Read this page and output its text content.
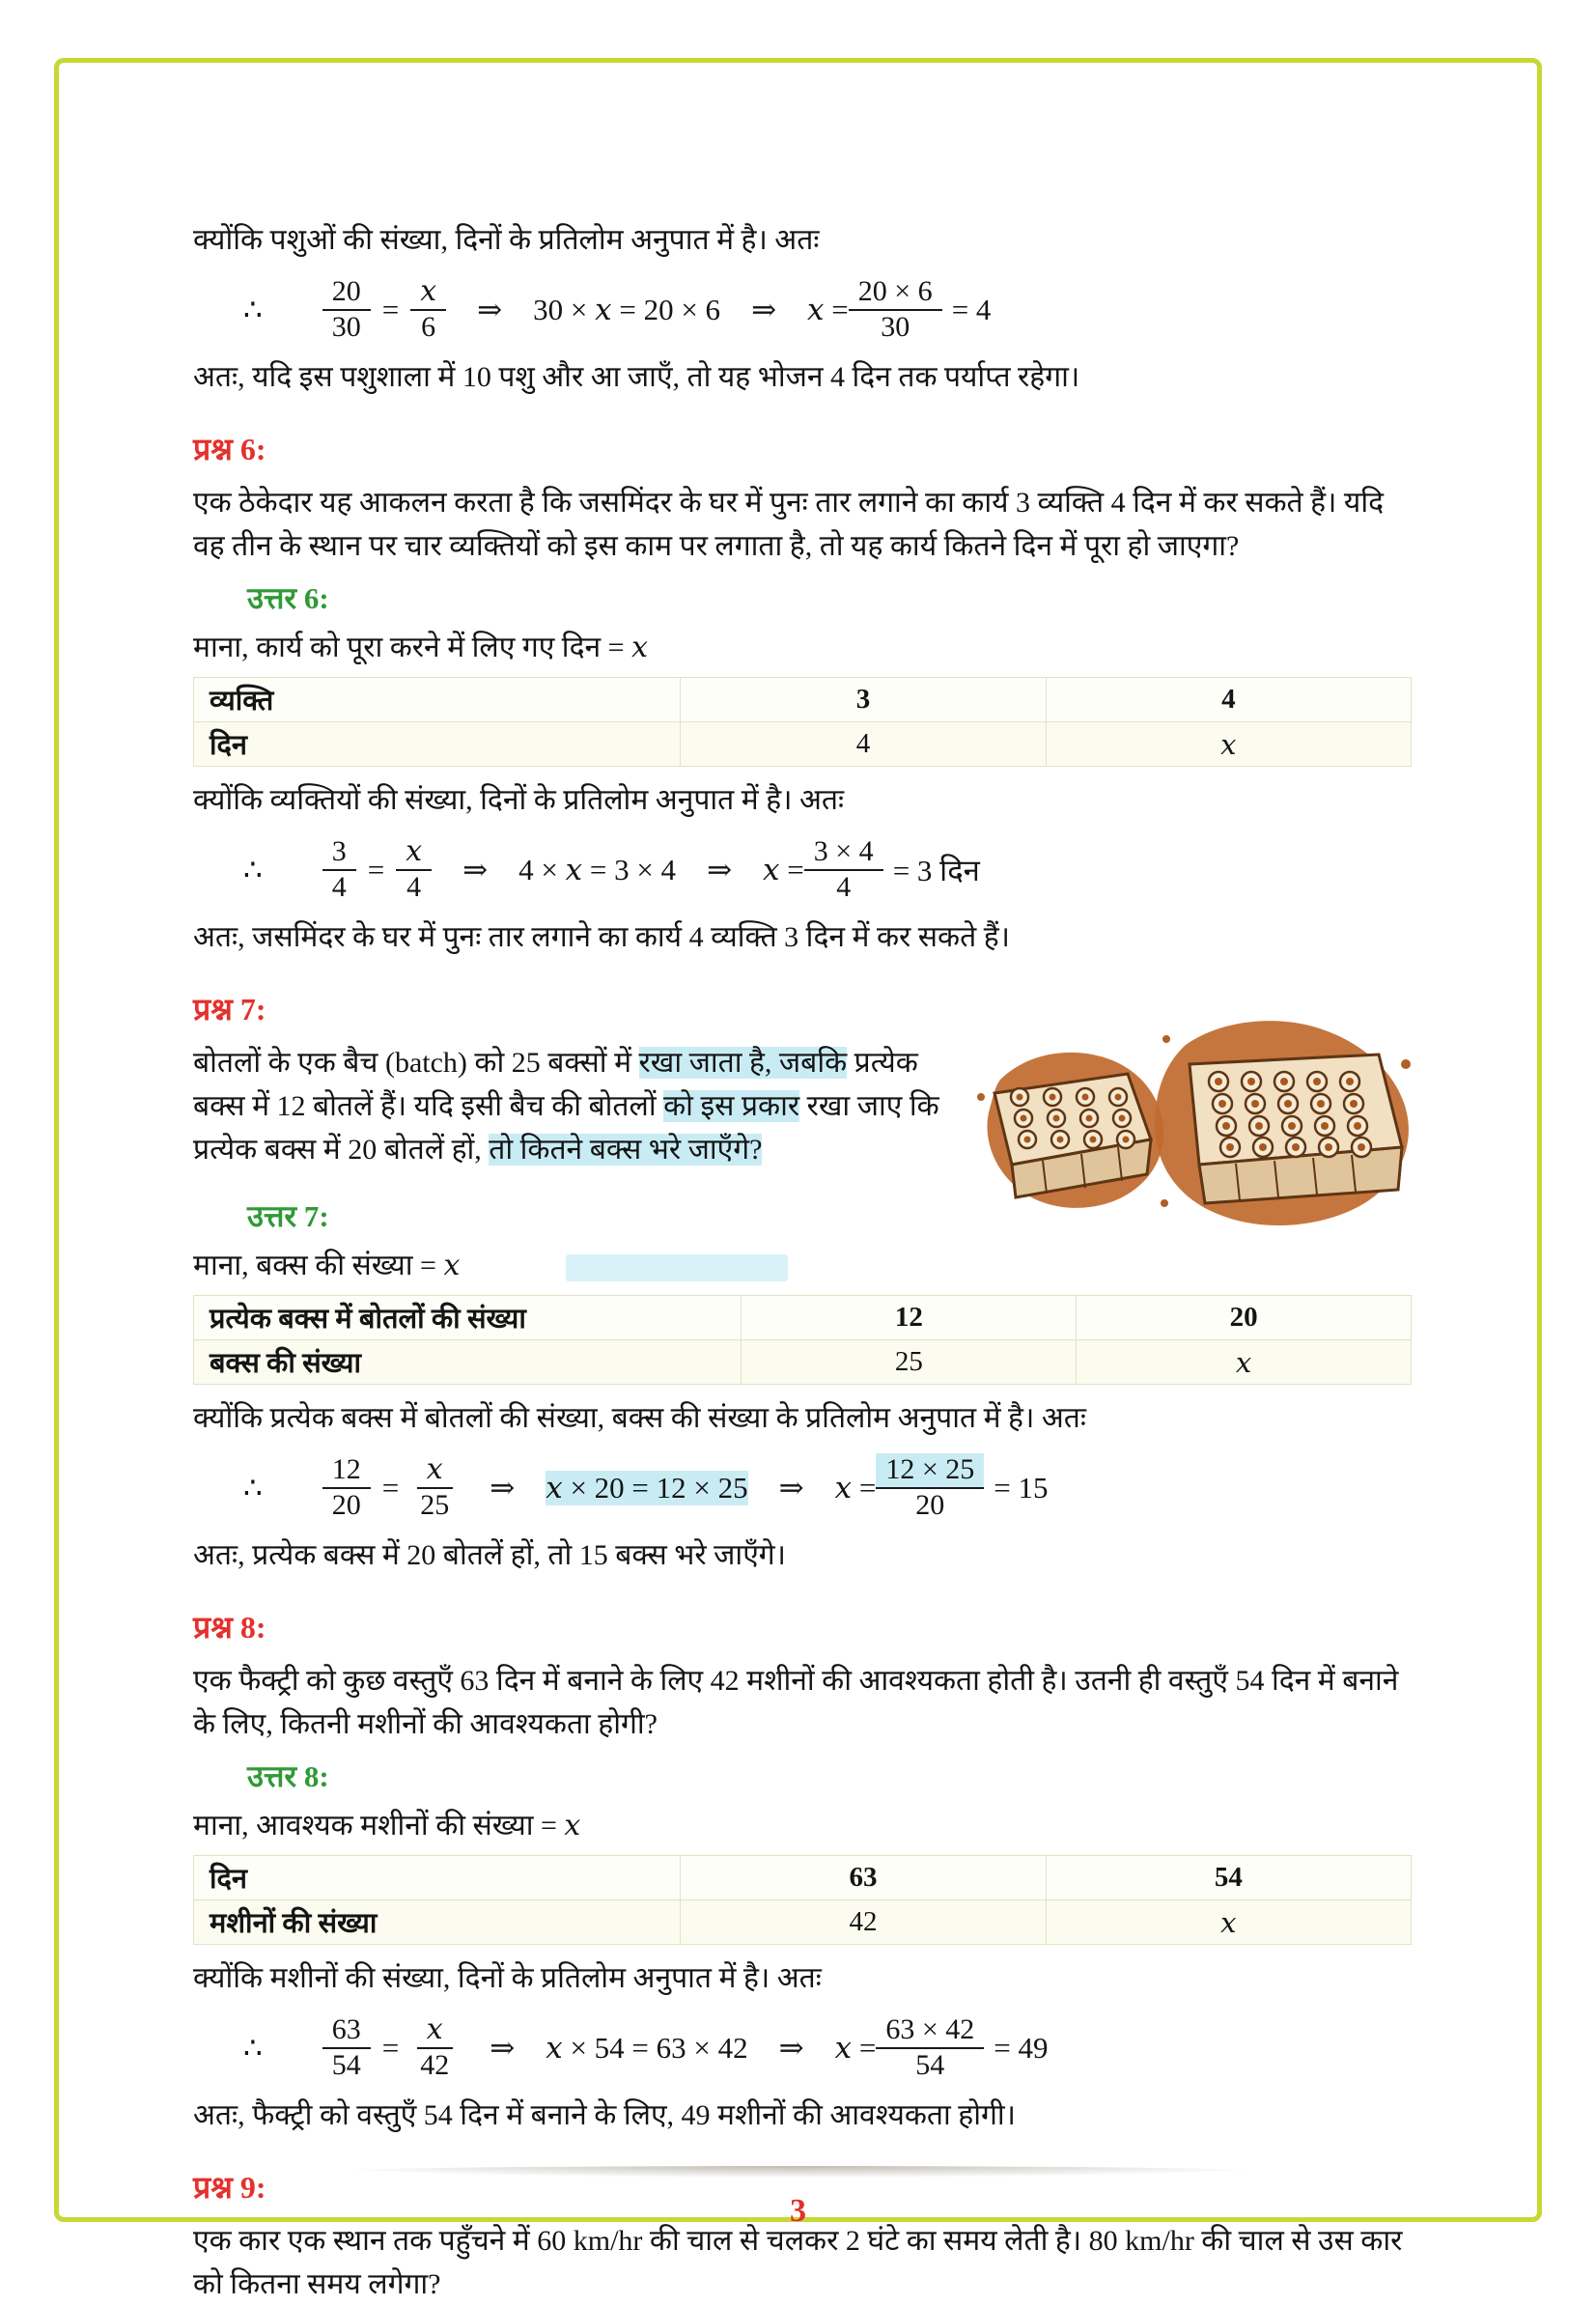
क्योंकि पशुओं की संख्या, दिनों के प्रतिलोम अनुपात में है। अतः

∴ $\frac{20}{30} = \frac{x}{6}$ ⇒ 30 × x = 20 × 6 ⇒ $x = \frac{20 \times 6}{30} = 4$

अतः, यदि इस पशुशाला में 10 पशु और आ जाएँ, तो यह भोजन 4 दिन तक पर्याप्त रहेगा।

प्रश्न 6:

एक ठेकेदार यह आकलन करता है कि जसमिंदर के घर में पुनः तार लगाने का कार्य 3 व्यक्ति 4 दिन में कर सकते हैं। यदि वह तीन के स्थान पर चार व्यक्तियों को इस काम पर लगाता है, तो यह कार्य कितने दिन में पूरा हो जाएगा?

उत्तर 6:

माना, कार्य को पूरा करने में लिए गए दिन = x

व्यक्ति	3	4
दिन	4	x

क्योंकि व्यक्तियों की संख्या, दिनों के प्रतिलोम अनुपात में है। अतः

∴ $\frac{3}{4} = \frac{x}{4}$ ⇒ 4 × x = 3 × 4 ⇒ $x = \frac{3 \times 4}{4} = 3$ दिन

अतः, जसमिंदर के घर में पुनः तार लगाने का कार्य 4 व्यक्ति 3 दिन में कर सकते हैं।

प्रश्न 7:

बोतलों के एक बैच (batch) को 25 बक्सों में रखा जाता है, जबकि प्रत्येक बक्स में 12 बोतलें हैं। यदि इसी बैच की बोतलों को इस प्रकार रखा जाए कि प्रत्येक बक्स में 20 बोतलें हों, तो कितने बक्स भरे जाएँगे?

उत्तर 7:

माना, बक्स की संख्या = x

प्रत्येक बक्स में बोतलों की संख्या	12	20
बक्स की संख्या	25	x

क्योंकि प्रत्येक बक्स में बोतलों की संख्या, बक्स की संख्या के प्रतिलोम अनुपात में है। अतः

∴ $\frac{12}{20} = \frac{x}{25}$ ⇒ x × 20 = 12 × 25 ⇒ $x = \frac{12 \times 25}{20} = 15$

अतः, प्रत्येक बक्स में 20 बोतलें हों, तो 15 बक्स भरे जाएँगे।

प्रश्न 8:

एक फैक्ट्री को कुछ वस्तुएँ 63 दिन में बनाने के लिए 42 मशीनों की आवश्यकता होती है। उतनी ही वस्तुएँ 54 दिन में बनाने के लिए, कितनी मशीनों की आवश्यकता होगी?

उत्तर 8:

माना, आवश्यक मशीनों की संख्या = x

दिन	63	54
मशीनों की संख्या	42	x

क्योंकि मशीनों की संख्या, दिनों के प्रतिलोम अनुपात में है। अतः

∴ $\frac{63}{54} = \frac{x}{42}$ ⇒ x × 54 = 63 × 42 ⇒ $x = \frac{63 \times 42}{54} = 49$

अतः, फैक्ट्री को वस्तुएँ 54 दिन में बनाने के लिए, 49 मशीनों की आवश्यकता होगी।

प्रश्न 9:

एक कार एक स्थान तक पहुँचने में 60 km/hr की चाल से चलकर 2 घंटे का समय लेती है। 80 km/hr की चाल से उस कार को कितना समय लगेगा?

3
